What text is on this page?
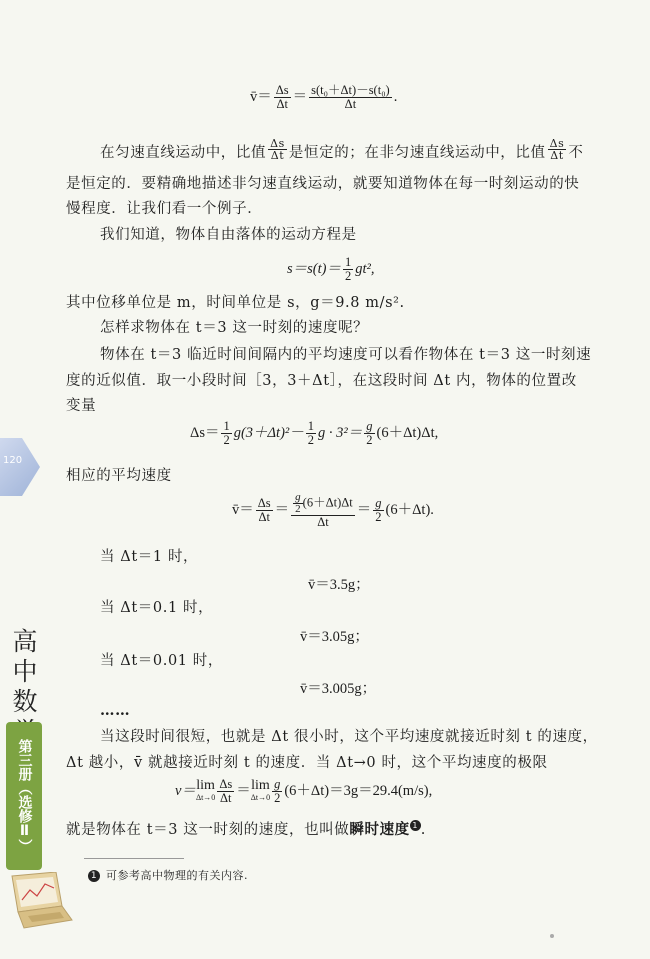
120
高中数
第三册（选修Ⅱ）
v̄＝ $\frac{\Delta s}{\Delta t} = \frac{\text{s(t₀＋Δt)－s(t₀)}}{\Delta t}$ .
在匀速直线运动中，比值 $\frac{\Delta s}{\Delta t}$ 是恒定的；在非匀速直线运动中，比值 $\frac{\Delta s}{\Delta t}$ 不
是恒定的．要精确地描述非匀速直线运动，就要知道物体在每一时刻运动的快
慢程度．让我们看一个例子．
我们知道，物体自由落体的运动方程是
$s=s(t)= \frac{1}{2} gt^2$,
其中位移单位是 m，时间单位是 s，g＝9.8 m/s².
怎样求物体在 t＝3 这一时刻的速度呢？
物体在 t＝3 临近时间间隔内的平均速度可以看作物体在 t＝3 这一时刻速
度的近似值．取一小段时间［3，3＋Δt］，在这段时间 Δt 内，物体的位置改
变量
$\Delta s= \frac{1}{2} g(3+\Delta t)^2- \frac{1}{2}$ $g \cdot 3^2= \frac{g}{2} (6+\Delta t)\Delta t$,
相应的平均速度
v̄＝ $\frac{\Delta s}{\Delta t} = \frac{\frac{g}{2} (6+\Delta t)\Delta t}{\Delta t} = \frac{g}{2} (6+\Delta t)$.
当 Δt＝1 时，
v̄＝3.5g；
当 Δt＝0.1 时，
v̄＝3.05g；
当 Δt＝0.01 时，
v̄＝3.005g；
……
当这段时间很短，也就是 Δt 很小时，这个平均速度就接近时刻 t 的速度，
Δt 越小，v̄ 就越接近时刻 t 的速度．当 Δt→0 时，这个平均速度的极限
v＝ lim
$\Delta t\to 0 \frac{\Delta s}{\Delta t} = \lim$
$\Delta t\to 0 \frac{g}{2} (6+\Delta t)=3g=29.4(m/s)$,
就是物体在 t＝3 这一时刻的速度，也叫做瞬时速度 1 .
1 可参考高中物理的有关内容.
